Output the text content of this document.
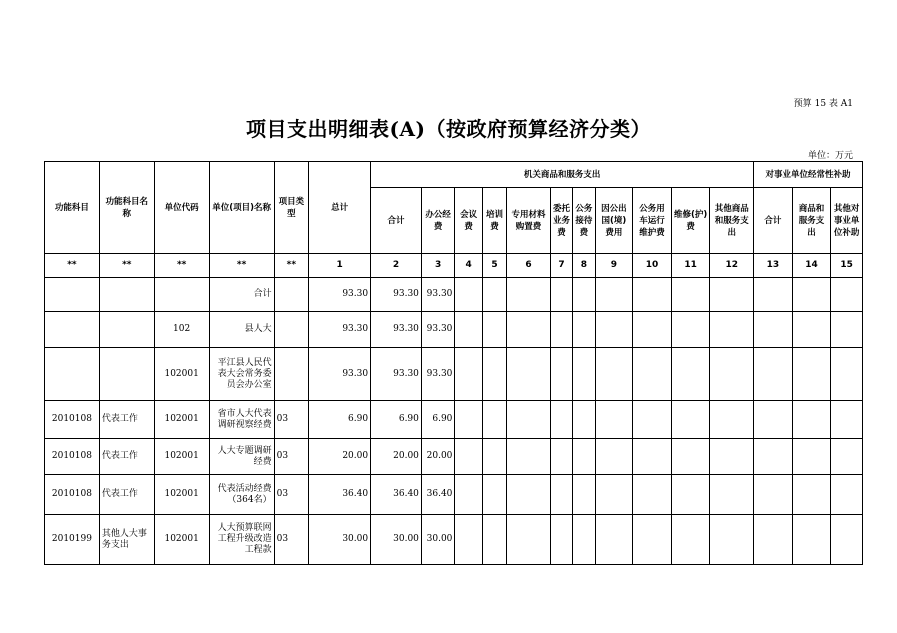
预算 15 表 A1
项目支出明细表(A)（按政府预算经济分类）
单位：万元
功能科目	功能科目名称	单位代码	单位(项目)名称	项目类型	总计	机关商品和服务支出											对事业单位经常性补助		
						合计	办公经费	会议费	培训费	专用材料购置费	委托业务费	公务接待费	因公出国(境)费用	公务用车运行维护费	维修(护)费	其他商品和服务支出	合计	商品和服务支出	其他对事业单位补助
**	**	**	**	**	1	2	3	4	5	6	7	8	9	10	11	12	13	14	15
			合计		93.30	93.30	93.30												
		102	县人大		93.30	93.30	93.30												
		102001	平江县人民代表大会常务委员会办公室		93.30	93.30	93.30												
2010108	代表工作	102001	省市人大代表调研视察经费	03	6.90	6.90	6.90												
2010108	代表工作	102001	人大专题调研经费	03	20.00	20.00	20.00												
2010108	代表工作	102001	代表活动经费（364名）	03	36.40	36.40	36.40												
2010199	其他人大事务支出	102001	人大预算联网工程升级改造工程款	03	30.00	30.00	30.00												
